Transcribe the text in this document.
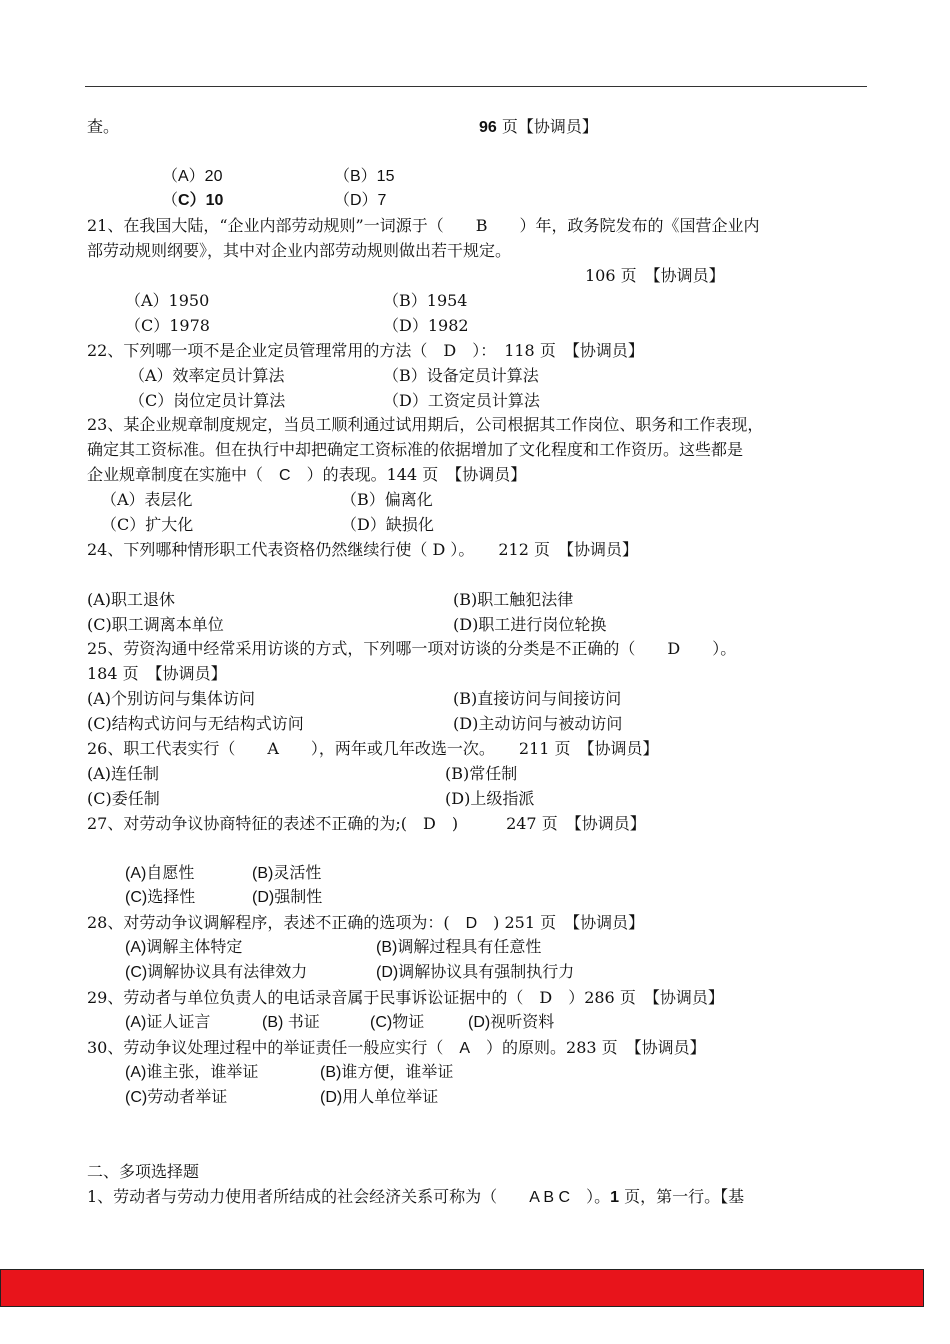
查。	96 页【协调员】
（A）20	（B）15
（C）10	（D）7
21、在我国大陆，“企业内部劳动规则”一词源于（　　B　　）年，政务院发布的《国营企业内
部劳动规则纲要》，其中对企业内部劳动规则做出若干规定。
106 页　【协调员】
（A）1950	（B）1954
（C）1978	（D）1982
22、下列哪一项不是企业定员管理常用的方法（　D　）：　118 页　【协调员】
（A）效率定员计算法	（B）设备定员计算法
（C）岗位定员计算法	（D）工资定员计算法
23、某企业规章制度规定，当员工顺利通过试用期后，公司根据其工作岗位、职务和工作表现，
确定其工资标准。但在执行中却把确定工资标准的依据增加了文化程度和工作资历。这些都是
企业规章制度在实施中（　C　）的表现。144 页　【协调员】
（A）表层化	（B）偏离化
（C）扩大化	（D）缺损化
24、下列哪种情形职工代表资格仍然继续行使（ D ）。　　212 页　【协调员】
(A)职工退休	(B)职工触犯法律
(C)职工调离本单位	(D)职工进行岗位轮换
25、劳资沟通中经常采用访谈的方式，下列哪一项对访谈的分类是不正确的（　　D　　）。
184 页　【协调员】
(A)个别访问与集体访问	(B)直接访问与间接访问
(C)结构式访问与无结构式访问	(D)主动访问与被动访问
26、职工代表实行（　　A　　），两年或几年改选一次。　　211 页　【协调员】
(A)连任制	(B)常任制
(C)委任制	(D)上级指派
27、对劳动争议协商特征的表述不正确的为;(　D　)　　　247 页　【协调员】
(A)自愿性	(B)灵活性
(C)选择性	(D)强制性
28、对劳动争议调解程序，表述不正确的选项为：(　D　) 251 页　【协调员】
(A)调解主体特定	(B)调解过程具有任意性
(C)调解协议具有法律效力	(D)调解协议具有强制执行力
29、劳动者与单位负责人的电话录音属于民事诉讼证据中的（　D　）286 页　【协调员】
(A)证人证言	(B) 书证	(C)物证	(D)视听资料
30、劳动争议处理过程中的举证责任一般应实行（　A　）的原则。283 页　【协调员】
(A)谁主张，谁举证	(B)谁方便，谁举证
(C)劳动者举证	(D)用人单位举证
二、多项选择题
1、劳动者与劳动力使用者所结成的社会经济关系可称为（　　A B C　）。1 页，第一行。【基
